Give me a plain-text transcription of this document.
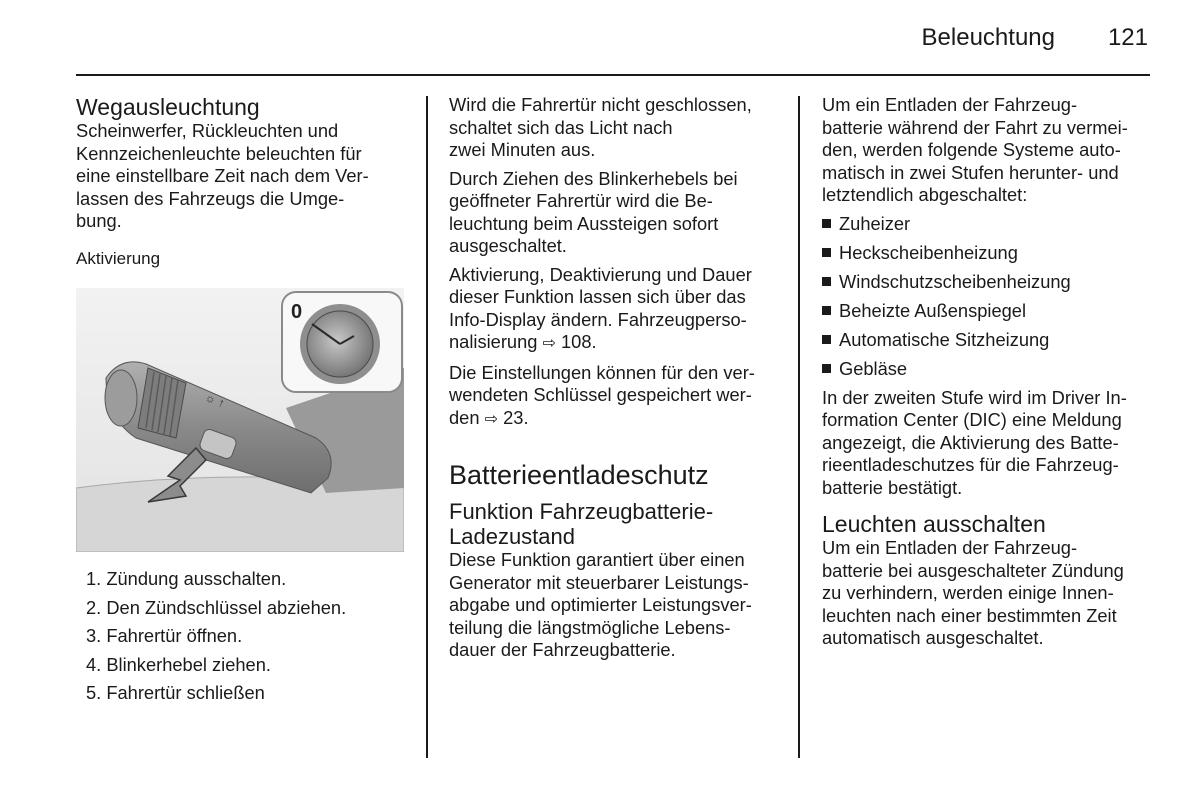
Beleuchtung 121
Wegausleuchtung

Scheinwerfer, Rückleuchten und
Kennzeichenleuchte beleuchten für
eine einstellbare Zeit nach dem Ver-
lassen des Fahrzeugs die Umge-
bung.

Aktivierung
☼ ↑
0
1. Zündung ausschalten.
2. Den Zündschlüssel abziehen.
3. Fahrertür öffnen.
4. Blinkerhebel ziehen.
5. Fahrertür schließen

Wird die Fahrertür nicht geschlossen,
schaltet sich das Licht nach
zwei Minuten aus.

Durch Ziehen des Blinkerhebels bei
geöffneter Fahrertür wird die Be-
leuchtung beim Aussteigen sofort
ausgeschaltet.

Aktivierung, Deaktivierung und Dauer
dieser Funktion lassen sich über das
Info-Display ändern. Fahrzeugperso-
nalisierung ⇨ 108.

Die Einstellungen können für den ver-
wendeten Schlüssel gespeichert wer-
den ⇨ 23.

Batterieentladeschutz
Funktion Fahrzeugbatterie-
Ladezustand

Diese Funktion garantiert über einen
Generator mit steuerbarer Leistungs-
abgabe und optimierter Leistungsver-
teilung die längstmögliche Lebens-
dauer der Fahrzeugbatterie.

Um ein Entladen der Fahrzeug-
batterie während der Fahrt zu vermei-
den, werden folgende Systeme auto-
matisch in zwei Stufen herunter- und
letztendlich abgeschaltet:

Zuheizer
Heckscheibenheizung
Windschutzscheibenheizung
Beheizte Außenspiegel
Automatische Sitzheizung
Gebläse

In der zweiten Stufe wird im Driver In-
formation Center (DIC) eine Meldung
angezeigt, die Aktivierung des Batte-
rieentladeschutzes für die Fahrzeug-
batterie bestätigt.

Leuchten ausschalten

Um ein Entladen der Fahrzeug-
batterie bei ausgeschalteter Zündung
zu verhindern, werden einige Innen-
leuchten nach einer bestimmten Zeit
automatisch ausgeschaltet.
